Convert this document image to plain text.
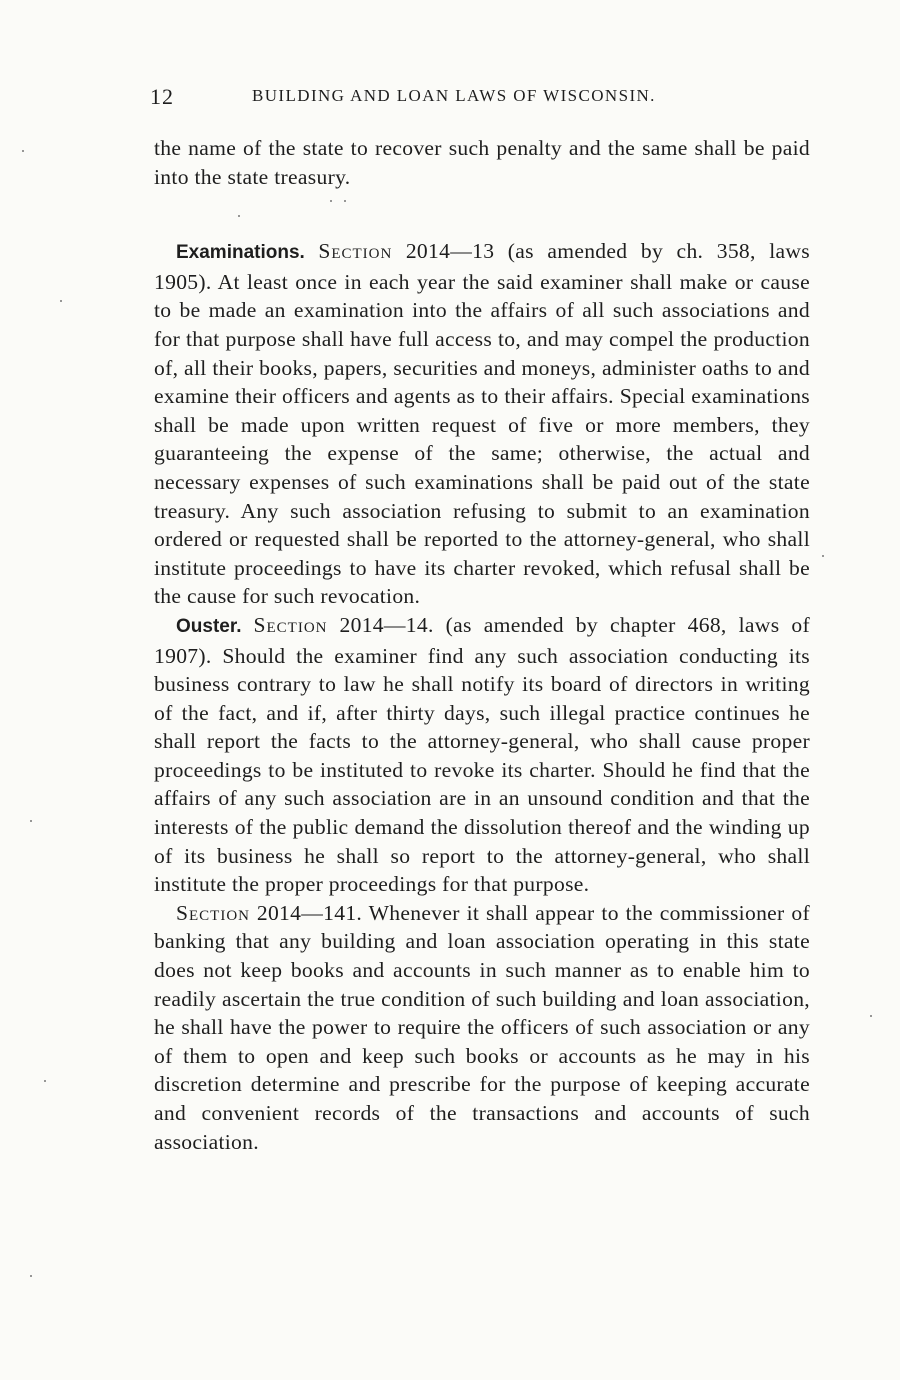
12	BUILDING AND LOAN LAWS OF WISCONSIN.

the name of the state to recover such penalty and the same shall be paid into the state treasury.

Examinations. Section 2014—13 (as amended by ch. 358, laws 1905). At least once in each year the said examiner shall make or cause to be made an examination into the affairs of all such associations and for that purpose shall have full access to, and may compel the production of, all their books, papers, securities and moneys, administer oaths to and examine their officers and agents as to their affairs. Special examinations shall be made upon written request of five or more members, they guaranteeing the expense of the same; otherwise, the actual and necessary expenses of such examinations shall be paid out of the state treasury. Any such association refusing to submit to an examination ordered or requested shall be reported to the attorney-general, who shall institute proceedings to have its charter revoked, which refusal shall be the cause for such revocation.

Ouster. Section 2014—14. (as amended by chapter 468, laws of 1907). Should the examiner find any such association conducting its business contrary to law he shall notify its board of directors in writing of the fact, and if, after thirty days, such illegal practice continues he shall report the facts to the attorney-general, who shall cause proper proceedings to be instituted to revoke its charter. Should he find that the affairs of any such association are in an unsound condition and that the interests of the public demand the dissolution thereof and the winding up of its business he shall so report to the attorney-general, who shall institute the proper proceedings for that purpose.

Section 2014—141. Whenever it shall appear to the commissioner of banking that any building and loan association operating in this state does not keep books and accounts in such manner as to enable him to readily ascertain the true condition of such building and loan association, he shall have the power to require the officers of such association or any of them to open and keep such books or accounts as he may in his discretion determine and prescribe for the purpose of keeping accurate and convenient records of the transactions and accounts of such association.
